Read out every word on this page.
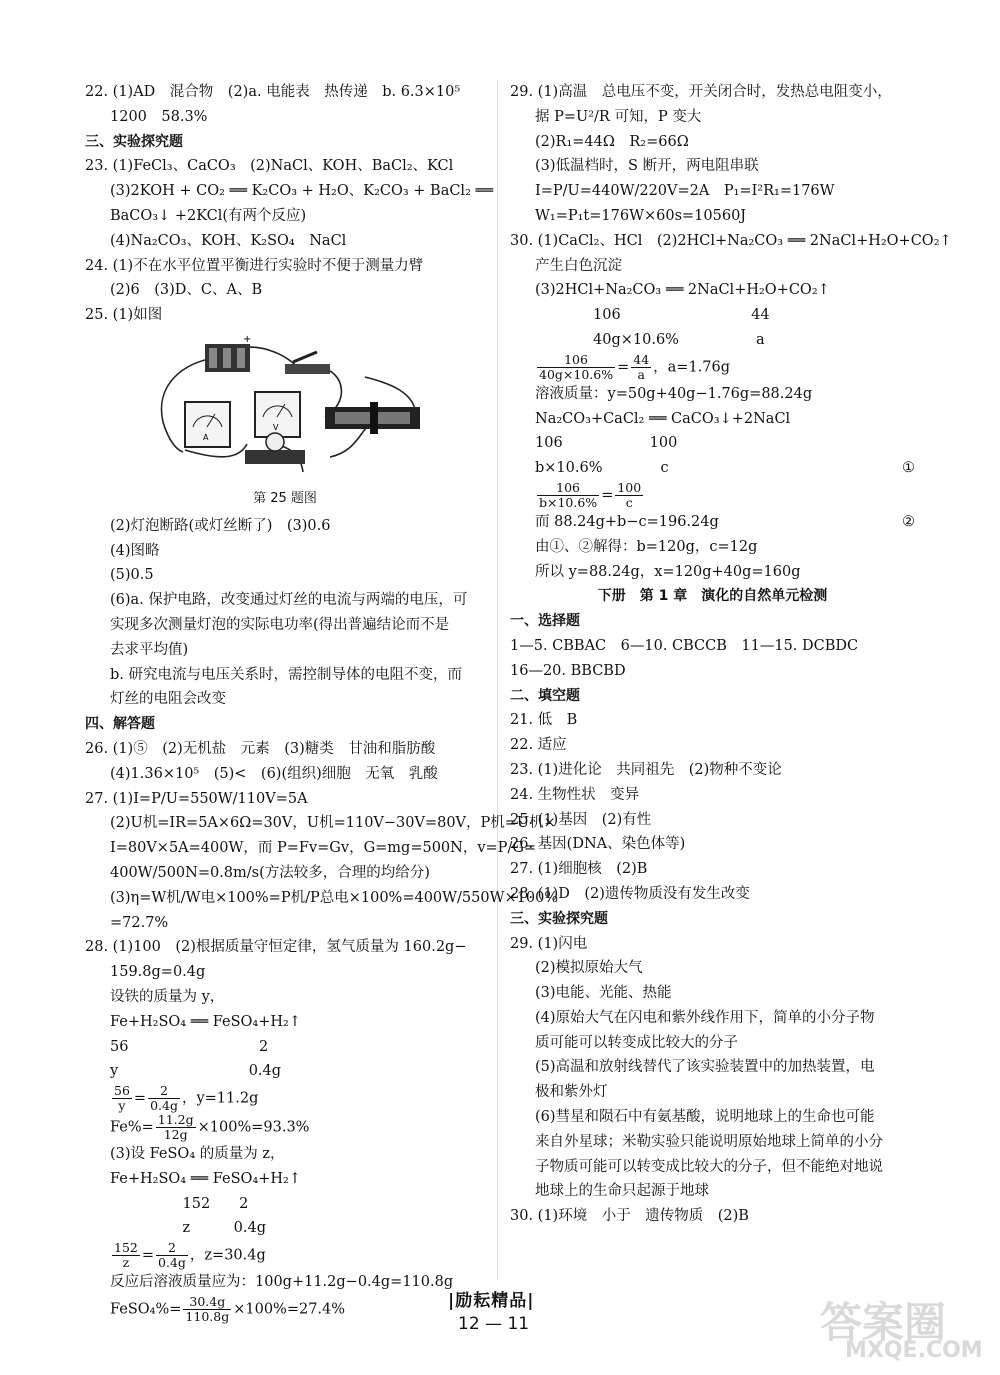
22. (1)AD　混合物　(2)a. 电能表　热传递　b. 6.3×10⁵
1200　58.3%
三、实验探究题
23. (1)FeCl₃、CaCO₃　(2)NaCl、KOH、BaCl₂、KCl
(3)2KOH + CO₂ ══ K₂CO₃ + H₂O、K₂CO₃ + BaCl₂ ══
BaCO₃↓ +2KCl(有两个反应)
(4)Na₂CO₃、KOH、K₂SO₄　NaCl
24. (1)不在水平位置平衡进行实验时不便于测量力臂
(2)6　(3)D、C、A、B
25. (1)如图
+
A
V
第 25 题图
(2)灯泡断路(或灯丝断了)　(3)0.6
(4)图略
(5)0.5
(6)a. 保护电路，改变通过灯丝的电流与两端的电压，可
实现多次测量灯泡的实际电功率(得出普遍结论而不是
去求平均值)
b. 研究电流与电压关系时，需控制导体的电阻不变，而
灯丝的电阻会改变
四、解答题
26. (1)⑤　(2)无机盐　元素　(3)糖类　甘油和脂肪酸
(4)1.36×10⁵　(5)<　(6)(组织)细胞　无氧　乳酸
27. (1)I=P/U=550W/110V=5A
(2)U机=IR=5A×6Ω=30V，U机=110V−30V=80V，P机=U机×
I=80V×5A=400W，而 P=Fv=Gv，G=mg=500N，v=P/G=
400W/500N=0.8m/s(方法较多，合理的均给分)
(3)η=W机/W电×100%=P机/P总电×100%=400W/550W×100%
=72.7%
28. (1)100　(2)根据质量守恒定律，氢气质量为 160.2g−
159.8g=0.4g
设铁的质量为 y，
Fe+H₂SO₄ ══ FeSO₄+H₂↑
56　　　　　　　　　2
y　　　　　　　　　0.4g
$\frac{56}{y} = \frac{2}{0.4g}$ ，y=11.2g
$Fe\%= \frac{11.2g}{12g} \times 100\%=93.3\%$
(3)设 FeSO₄ 的质量为 z，
Fe+H₂SO₄ ══ FeSO₄+H₂↑
　　　　　152　　2
　　　　　z　　　0.4g
$\frac{152}{z} = \frac{2}{0.4g}$ ，z=30.4g
反应后溶液质量应为：100g+11.2g−0.4g=110.8g
FeSO₄%= $\frac{30.4g}{110.8g} \times 100\%=27.4\%$
29. (1)高温　总电压不变，开关闭合时，发热总电阻变小，
据 P=U²/R 可知，P 变大
(2)R₁=44Ω　R₂=66Ω
(3)低温档时，S 断开，两电阻串联
I=P/U=440W/220V=2A　P₁=I²R₁=176W
W₁=P₁t=176W×60s=10560J
30. (1)CaCl₂、HCl　(2)2HCl+Na₂CO₃ ══ 2NaCl+H₂O+CO₂↑
产生白色沉淀
(3)2HCl+Na₂CO₃ ══ 2NaCl+H₂O+CO₂↑
　　　　106　　　　　　　　　44
　　　　40g×10.6%　　　　　 a
$\frac{106}{40g\times 10.6\%} = \frac{44}{a}$ ，a=1.76g
溶液质量：y=50g+40g−1.76g=88.24g
Na₂CO₃+CaCl₂ ══ CaCO₃↓+2NaCl
106　　　　　　100
b×10.6%　　　　c	①
$\frac{106}{b\times 10.6\%} = \frac{100}{c}$
而 88.24g+b−c=196.24g	②
由①、②解得：b=120g，c=12g
所以 y=88.24g，x=120g+40g=160g
下册　第 1 章　演化的自然单元检测
一、选择题
1—5. CBBAC　6—10. CBCCB　11—15. DCBDC
16—20. BBCBD
二、填空题
21. 低　B
22. 适应
23. (1)进化论　共同祖先　(2)物种不变论
24. 生物性状　变异
25. (1)基因　(2)有性
26. 基因(DNA、染色体等)
27. (1)细胞核　(2)B
28. (1)D　(2)遗传物质没有发生改变
三、实验探究题
29. (1)闪电
(2)模拟原始大气
(3)电能、光能、热能
(4)原始大气在闪电和紫外线作用下，简单的小分子物
质可能可以转变成比较大的分子
(5)高温和放射线替代了该实验装置中的加热装置，电
极和紫外灯
(6)彗星和陨石中有氨基酸，说明地球上的生命也可能
来自外星球；米勒实验只能说明原始地球上简单的小分
子物质可能可以转变成比较大的分子，但不能绝对地说
地球上的生命只起源于地球
30. (1)环境　小于　遗传物质　(2)B
|励耘精品|
12 — 11	答案圈
MXQE.COM
